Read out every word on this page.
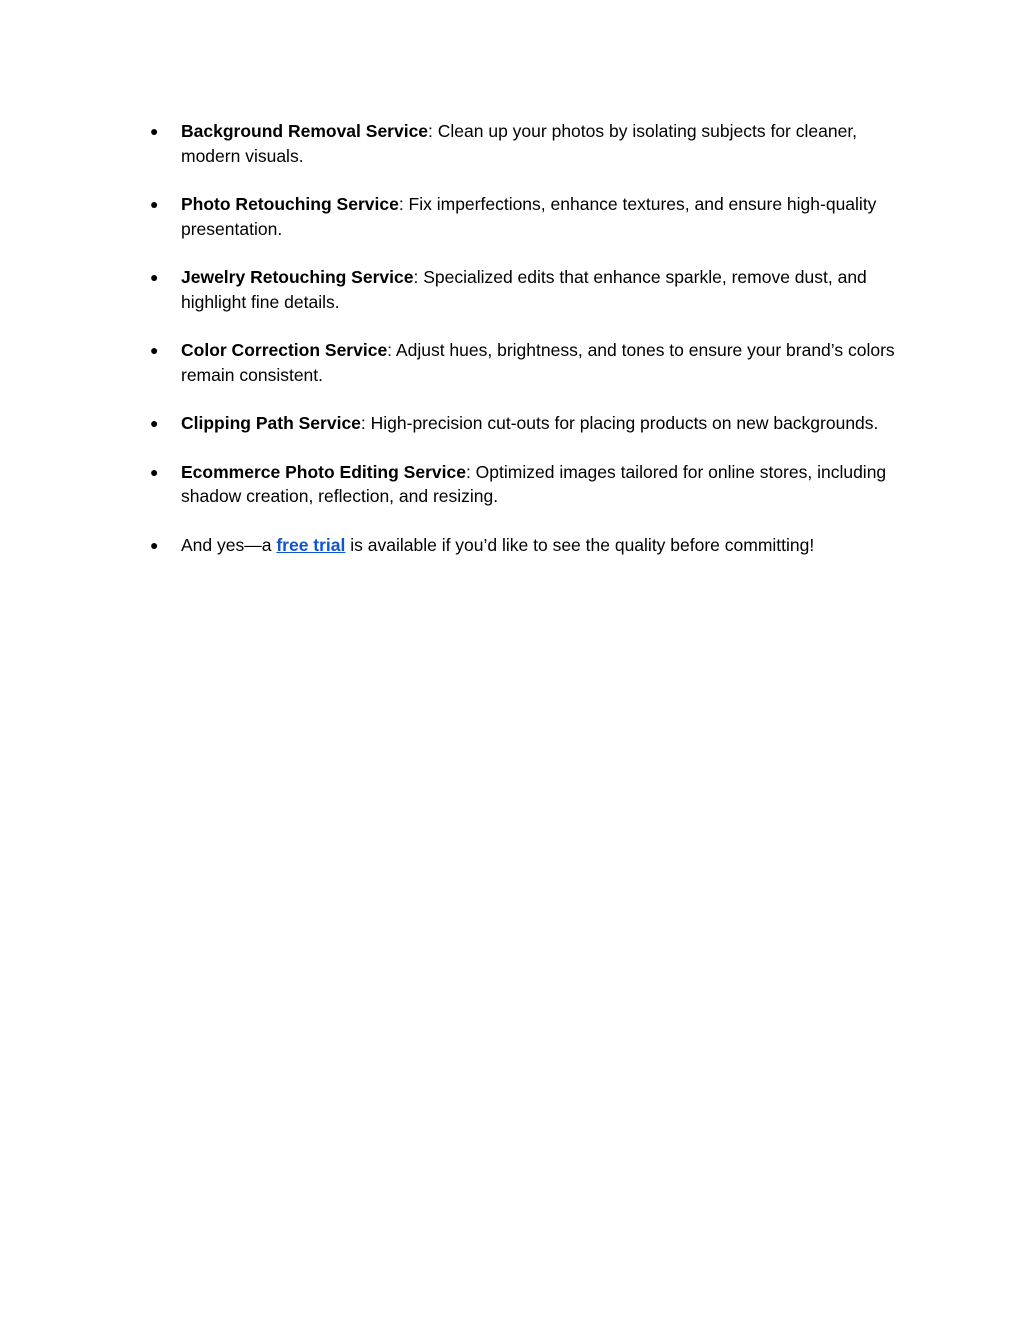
● Background Removal Service: Clean up your photos by isolating subjects for cleaner, modern visuals.
● Photo Retouching Service: Fix imperfections, enhance textures, and ensure high-quality presentation.
● Jewelry Retouching Service: Specialized edits that enhance sparkle, remove dust, and highlight fine details.
● Color Correction Service: Adjust hues, brightness, and tones to ensure your brand’s colors remain consistent.
● Clipping Path Service: High-precision cut-outs for placing products on new backgrounds.
● Ecommerce Photo Editing Service: Optimized images tailored for online stores, including shadow creation, reflection, and resizing.
● And yes—a free trial is available if you’d like to see the quality before committing!
